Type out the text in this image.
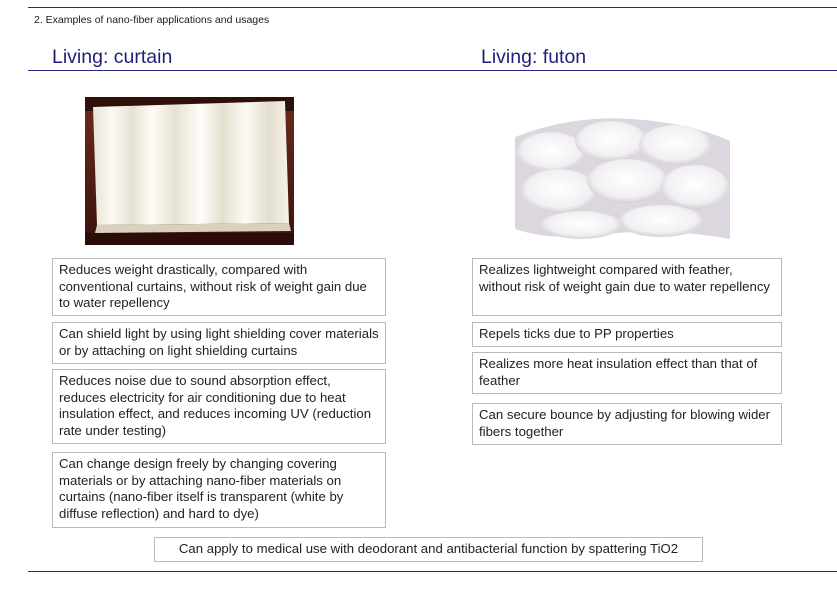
2. Examples of nano-fiber applications and usages
Living: curtain	Living: futon
Reduces weight drastically, compared with conventional curtains, without risk of weight gain due to water repellency
Can shield light by using light shielding cover materials or by attaching on light shielding curtains
Reduces noise due to sound absorption effect, reduces electricity for air conditioning due to heat insulation effect, and reduces incoming UV (reduction rate under testing)
Can change design freely by changing covering materials or by attaching nano-fiber materials on curtains (nano-fiber itself is transparent (white by diffuse reflection) and hard to dye)
Realizes lightweight compared with feather, without risk of weight gain due to water repellency
Repels ticks due to PP properties
Realizes more heat insulation effect than that of feather
Can secure bounce by adjusting for blowing wider fibers together
Can apply to medical use with deodorant and antibacterial function by spattering TiO2
